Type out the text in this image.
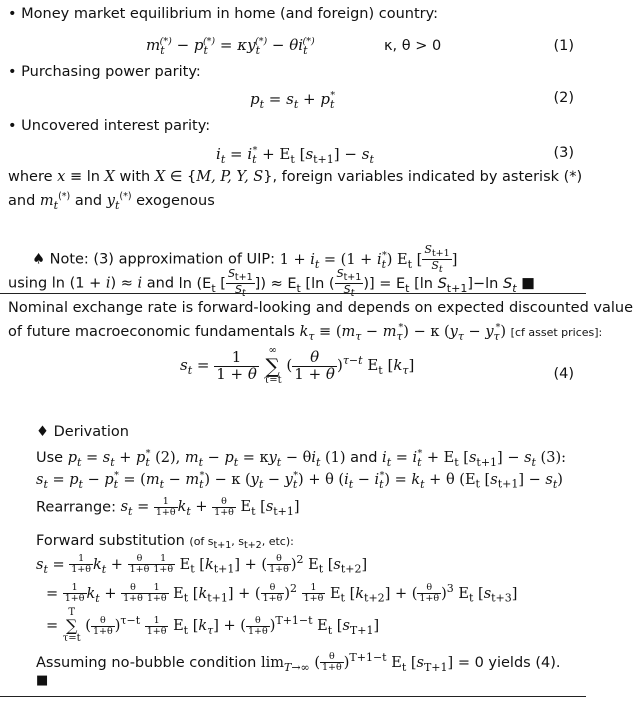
• Money market equilibrium in home (and foreign) country:
$m_t^{(*)} - p_t^{(*)} = \kappa y_t^{(*)} - \theta i_t^{(*)}$	κ, θ > 0	(1)
• Purchasing power parity:
$p_t = s_t + p_t^*$	(2)
• Uncovered interest parity:
$i_t = i_t^* + E_t$ $[s_{t+1}] - s_t$	(3)
where x ≡ ln X with X ∈ {M, P, Y, S}, foreign variables indicated by asterisk (*)
and $m_t^{(*)}$ and $y_t^{(*)}$ exogenous
♠ Note: (3) approximation of UIP: $1 + i_t = (1 + i_t^*)$ $E_t$ [ $\frac{S_{t+1}}{S_t}$ ]
using ln (1 + i) ≈ i and $\ln (E_t$ [ $\frac{S_{t+1}}{S_t}$ ]) ≈ $E_t$ [ln ( $\frac{S_{t+1}}{S_t}$ )] = $E_t$ [ln $S_{t+1}]-\ln$ $S_t$ ■
Nominal exchange rate is forward-looking and depends on expected discounted value
of future macroeconomic fundamentals $k_\tau \equiv (m_\tau - m_\tau^*) - \kappa$ $(y_\tau - y_\tau^*)$ [cf asset prices]:
$s_t = \frac{1}{1 + \theta}$
∞
∑
τ=t
( $\frac{\theta}{1 + \theta} )^{\tau-t}$ $E_t$ $[k_\tau]$	(4)
♦ Derivation
Use $p_t = s_t + p_t^*$ (2), $m_t - p_t = \kappa y_t - \theta i_t$ (1) and $i_t = i_t^* + E_t$ $[s_{t+1}] - s_t$ (3):
$s_t = p_t - p_t^* = (m_t - m_t^*) - \kappa$ $(y_t - y_t^*) + \theta$ $(i_t - i_t^*) = k_t + \theta$ ($E_t$ $[s_{t+1}] - s_t$)
Rearrange: $s_t = \frac{1}{1+\theta} k_t + \frac{\theta}{1+\theta} E_t$ $[s_{t+1}]$
Forward substitution (of $s_{t+1}$, $s_{t+2}$, etc):
$s_t = \frac{1}{1+\theta} k_t + \frac{\theta}{1+\theta} \frac{1}{1+\theta} E_t$ $[k_{t+1}]$ + ( $\frac{\theta}{1+\theta} )^2$ $E_t$ $[s_{t+2}]$
= $\frac{1}{1+\theta} k_t + \frac{\theta}{1+\theta} \frac{1}{1+\theta} E_t$ $[k_{t+1}]$ + ( $\frac{\theta}{1+\theta} )^2 \frac{1}{1+\theta} E_t$ $[k_{t+2}]$ + ( $\frac{\theta}{1+\theta} )^3$ $E_t$ $[s_{t+3}]$
=
T
∑
τ=t
( $\frac{\theta}{1+\theta} )^{\tau-t} \frac{1}{1+\theta} E_t$ $[k_\tau]$ + ( $\frac{\theta}{1+\theta} )^{T+1-t}$ $E_t$ $[s_{T+1}]$
Assuming no-bubble condition $\lim_{T\to\infty}$ ( $\frac{\theta}{1+\theta} )^{T+1-t}$ $E_t$ $[s_{T+1}] = 0$ yields (4).
■
